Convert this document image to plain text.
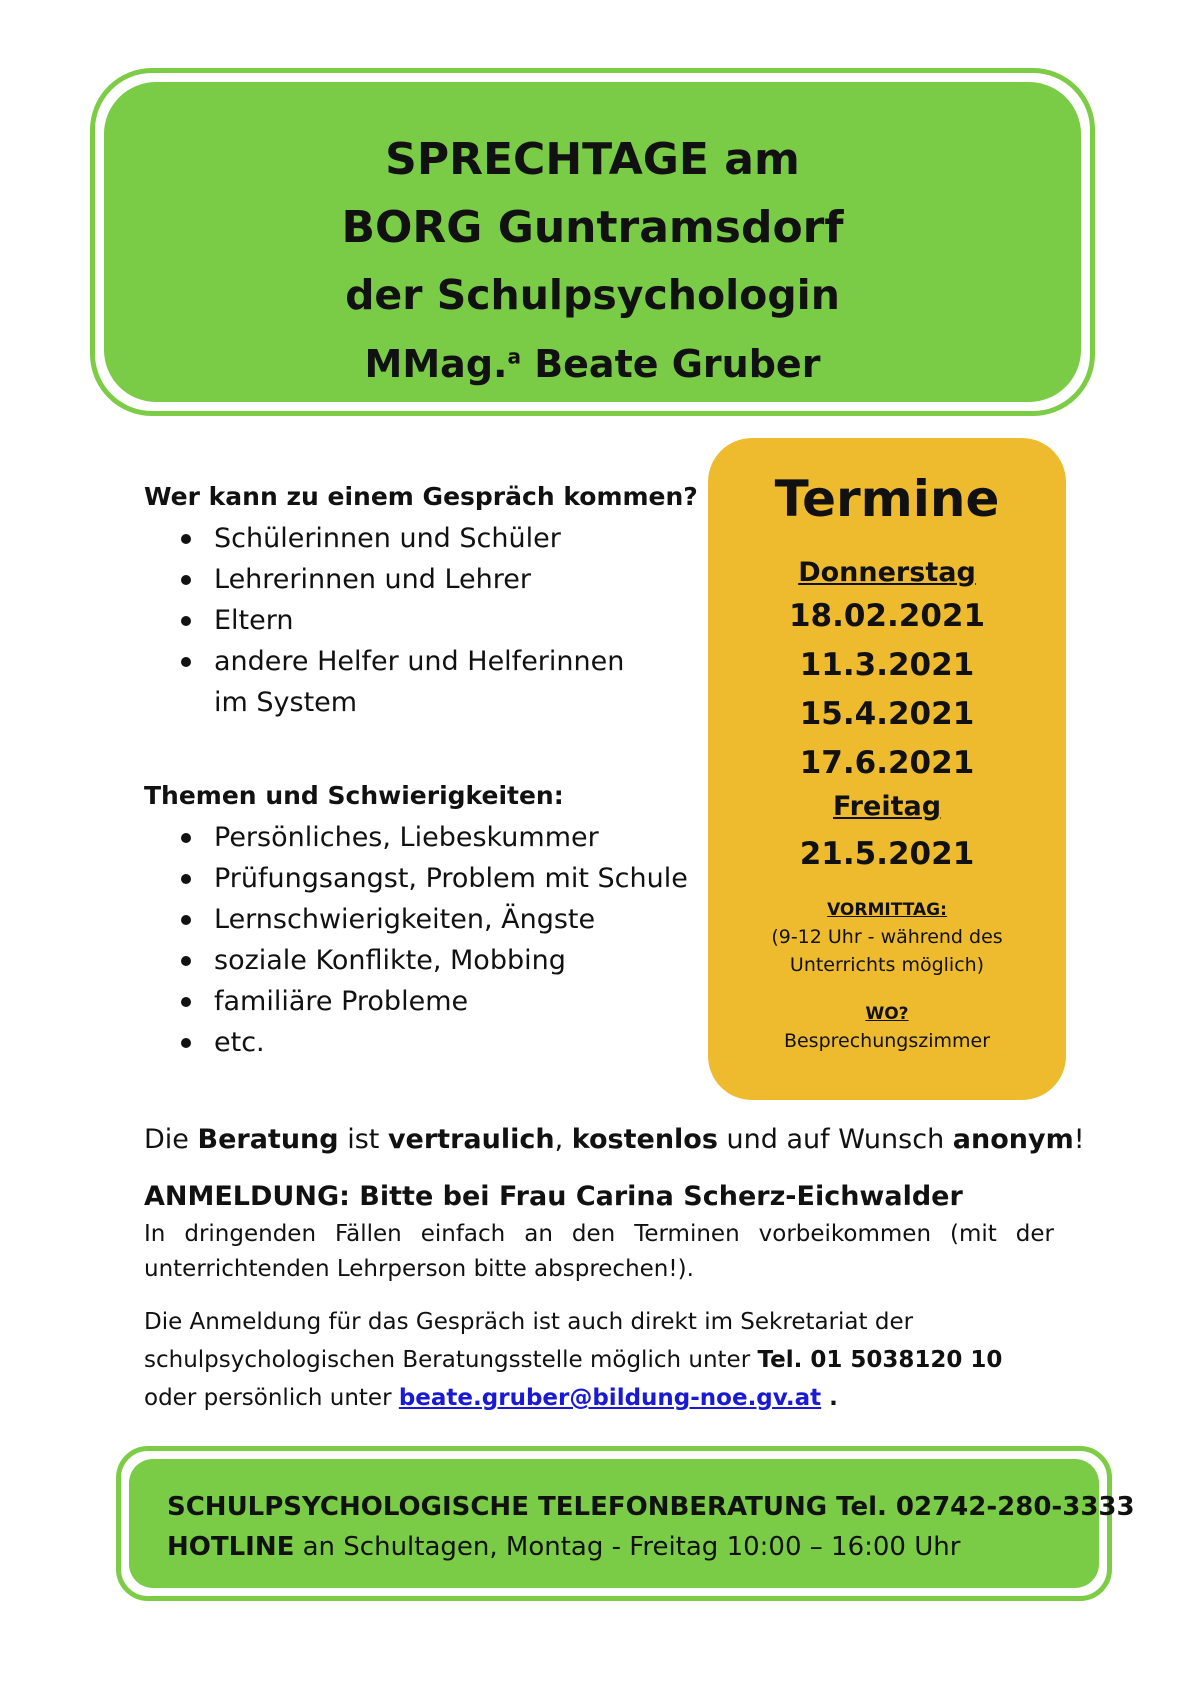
SPRECHTAGE am
BORG Guntramsdorf
der Schulpsychologin
MMag.$^a$ Beate Gruber

Wer kann zu einem Gespräch kommen?

Schülerinnen und Schüler
Lehrerinnen und Lehrer
Eltern
andere Helfer und Helferinnen im System

Themen und Schwierigkeiten:

Persönliches, Liebeskummer
Prüfungsangst, Problem mit Schule
Lernschwierigkeiten, Ängste
soziale Konflikte, Mobbing
familiäre Probleme
etc.
Termine
Donnerstag
18.02.2021
11.3.2021
15.4.2021
17.6.2021
Freitag
21.5.2021
VORMITTAG:
(9-12 Uhr - während des
Unterrichts möglich)
WO?
Besprechungszimmer
Die Beratung ist vertraulich, kostenlos und auf Wunsch anonym!
ANMELDUNG: Bitte bei Frau Carina Scherz-Eichwalder
In dringenden Fällen einfach an den Terminen vorbeikommen (mit der unterrichtenden Lehrperson bitte absprechen!).
Die Anmeldung für das Gespräch ist auch direkt im Sekretariat der
schulpsychologischen Beratungsstelle möglich unter Tel. 01 5038120 10
oder persönlich unter beate.gruber@bildung-noe.gv.at .
SCHULPSYCHOLOGISCHE TELEFONBERATUNG Tel. 02742-280-3333
HOTLINE an Schultagen, Montag - Freitag 10:00 – 16:00 Uhr
